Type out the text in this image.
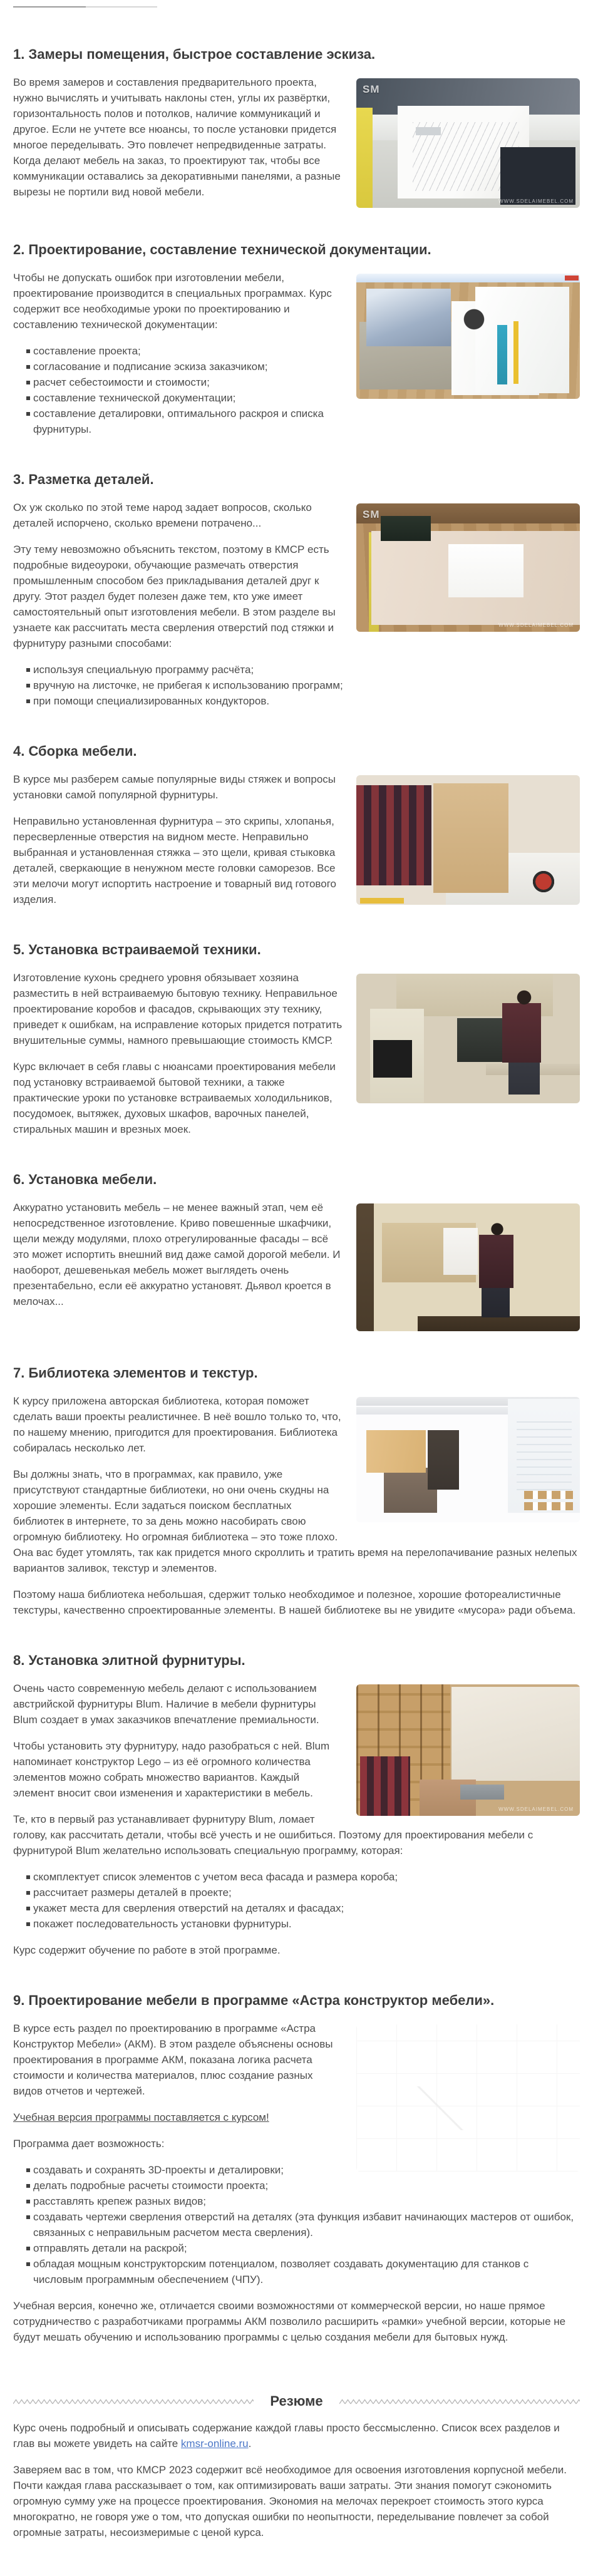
1. Замеры помещения, быстрое составление эскиза.
SM
WWW.SDELAIMEBEL.COM

Во время замеров и составления предварительного проекта, нужно вычислять и учитывать наклоны стен, углы их развёртки, горизонтальность полов и потолков, наличие коммуникаций и другое. Если не учтете все нюансы, то после установки придется многое переделывать. Это повлечет непредвиденные затраты. Когда делают мебель на заказ, то проектируют так, чтобы все коммуникации оставались за декоративными панелями, а разные вырезы не портили вид новой мебели.

2. Проектирование, составление технической документации.

Чтобы не допускать ошибок при изготовлении мебели, проектирование производится в специальных программах. Курс содержит все необходимые уроки по проектированию и составлению технической документации:

составление проекта;
согласование и подписание эскиза заказчиком;
расчет себестоимости и стоимости;
составление технической документации;
составление деталировки, оптимального раскроя и списка фурнитуры.
3. Разметка деталей.
SM
WWW.SDELAIMEBEL.COM

Ох уж сколько по этой теме народ задает вопросов, сколько деталей испорчено, сколько времени потрачено...

Эту тему невозможно объяснить текстом, поэтому в КМСР есть подробные видеоуроки, обучающие размечать отверстия промышленным способом без прикладывания деталей друг к другу. Этот раздел будет полезен даже тем, кто уже имеет самостоятельный опыт изготовления мебели. В этом разделе вы узнаете как рассчитать места сверления отверстий под стяжки и фурнитуру разными способами:

используя специальную программу расчёта;
вручную на листочке, не прибегая к использованию программ;
при помощи специализированных кондукторов.
4. Сборка мебели.

В курсе мы разберем самые популярные виды стяжек и вопросы установки самой популярной фурнитуры.

Неправильно установленная фурнитура – это скрипы, хлопанья, пересверленные отверстия на видном месте. Неправильно выбранная и установленная стяжка – это щели, кривая стыковка деталей, сверкающие в ненужном месте головки саморезов. Все эти мелочи могут испортить настроение и товарный вид готового изделия.

5. Установка встраиваемой техники.

Изготовление кухонь среднего уровня обязывает хозяина разместить в ней встраиваемую бытовую технику. Неправильное проектирование коробов и фасадов, скрывающих эту технику, приведет к ошибкам, на исправление которых придется потратить внушительные суммы, намного превышающие стоимость КМСР.

Курс включает в себя главы с нюансами проектирования мебели под установку встраиваемой бытовой техники, а также практические уроки по установке встраиваемых холодильников, посудомоек, вытяжек, духовых шкафов, варочных панелей, стиральных машин и врезных моек.

6. Установка мебели.

Аккуратно установить мебель – не менее важный этап, чем её непосредственное изготовление. Криво повешенные шкафчики, щели между модулями, плохо отрегулированные фасады – всё это может испортить внешний вид даже самой дорогой мебели. И наоборот, дешевенькая мебель может выглядеть очень презентабельно, если её аккуратно установят. Дьявол кроется в мелочах...

7. Библиотека элементов и текстур.

К курсу приложена авторская библиотека, которая поможет сделать ваши проекты реалистичнее. В неё вошло только то, что, по нашему мнению, пригодится для проектирования. Библиотека собиралась несколько лет.

Вы должны знать, что в программах, как правило, уже присутствуют стандартные библиотеки, но они очень скудны на хорошие элементы. Если задаться поиском бесплатных библиотек в интернете, то за день можно насобирать свою огромную библиотеку. Но огромная библиотека – это тоже плохо. Она вас будет утомлять, так как придется много скроллить и тратить время на перелопачивание разных нелепых вариантов заливок, текстур и элементов.

Поэтому наша библиотека небольшая, сдержит только необходимое и полезное, хорошие фотореалистичные текстуры, качественно спроектированные элементы. В нашей библиотеке вы не увидите «мусора» ради объема.

8. Установка элитной фурнитуры.
WWW.SDELAIMEBEL.COM

Очень часто современную мебель делают с использованием австрийской фурнитуры Blum. Наличие в мебели фурнитуры Blum создает в умах заказчиков впечатление премиальности.

Чтобы установить эту фурнитуру, надо разобраться с ней. Blum напоминает конструктор Lego – из её огромного количества элементов можно собрать множество вариантов. Каждый элемент вносит свои изменения и характеристики в мебель.

Те, кто в первый раз устанавливает фурнитуру Blum, ломает голову, как рассчитать детали, чтобы всё учесть и не ошибиться. Поэтому для проектирования мебели с фурнитурой Blum желательно использовать специальную программу, которая:

скомплектует список элементов с учетом веса фасада и размера короба;
рассчитает размеры деталей в проекте;
укажет места для сверления отверстий на деталях и фасадах;
покажет последовательность установки фурнитуры.

Курс содержит обучение по работе в этой программе.

9. Проектирование мебели в программе «Астра конструктор мебели».

В курсе есть раздел по проектированию в программе «Астра Конструктор Мебели» (АКМ). В этом разделе объяснены основы проектирования в программе АКМ, показана логика расчета стоимости и количества материалов, плюс создание разных видов отчетов и чертежей.

Учебная версия программы поставляется с курсом!

Программа дает возможность:

создавать и сохранять 3D-проекты и деталировки;
делать подробные расчеты стоимости проекта;
расставлять крепеж разных видов;
создавать чертежи сверления отверстий на деталях (эта функция избавит начинающих мастеров от ошибок, связанных с неправильным расчетом места сверления).
отправлять детали на раскрой;
обладая мощным конструкторским потенциалом, позволяет создавать документацию для станков с числовым программным обеспечением (ЧПУ).

Учебная версия, конечно же, отличается своими возможностями от коммерческой версии, но наше прямое сотрудничество с разработчиками программы АКМ позволило расширить «рамки» учебной версии, которые не будут мешать обучению и использованию программы с целью создания мебели для бытовых нужд.

Резюме

Курс очень подробный и описывать содержание каждой главы просто бессмысленно. Список всех разделов и глав вы можете увидеть на сайте kmsr-online.ru.

Заверяем вас в том, что КМСР 2023 содержит всё необходимое для освоения изготовления корпусной мебели. Почти каждая глава рассказывает о том, как оптимизировать ваши затраты. Эти знания помогут сэкономить огромную сумму уже на процессе проектирования. Экономия на мелочах перекроет стоимость этого курса многократно, не говоря уже о том, что допуская ошибки по неопытности, переделывание повлечет за собой огромные затраты, несоизмеримые с ценой курса.
